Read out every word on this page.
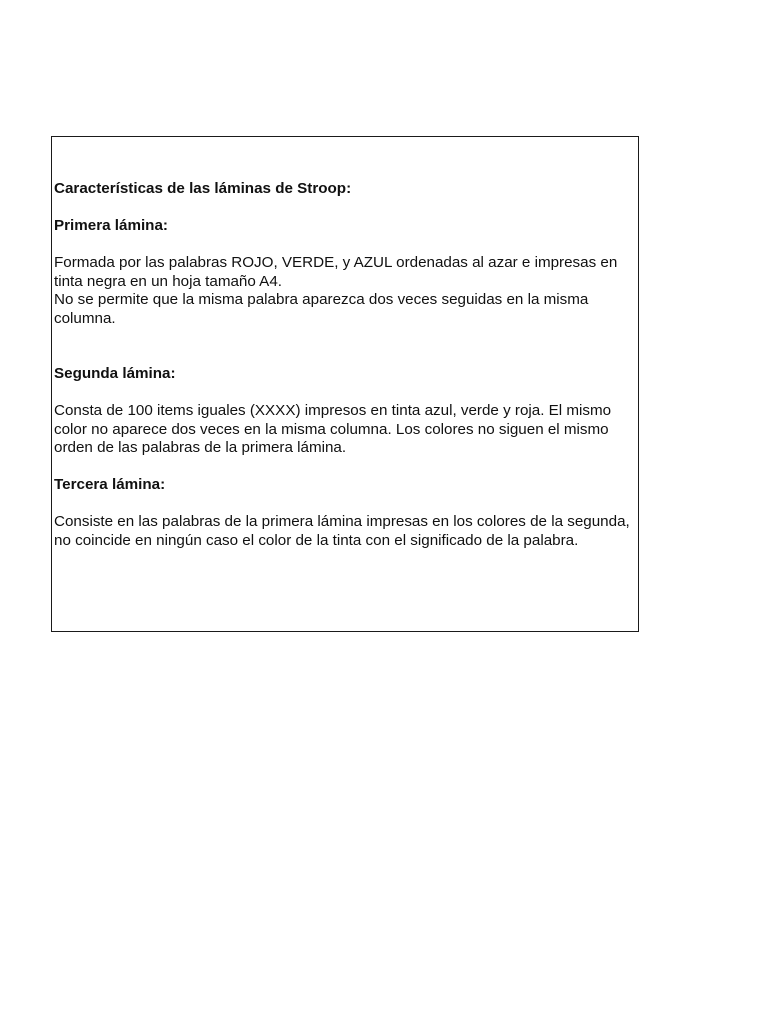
Características de las láminas de Stroop:

Primera lámina:

Formada por las palabras ROJO, VERDE, y AZUL ordenadas al azar e impresas en tinta negra en un hoja tamaño A4.
No se permite que la misma palabra aparezca dos veces seguidas en la misma columna.

Segunda lámina:

Consta de 100 items iguales (XXXX) impresos en tinta azul, verde y roja. El mismo color no aparece dos veces en la misma columna. Los colores no siguen el mismo orden de las palabras de la primera lámina.

Tercera lámina:

Consiste en las palabras de la primera lámina impresas en los colores de la segunda, no coincide en ningún caso el color de la tinta con el significado de la palabra.
